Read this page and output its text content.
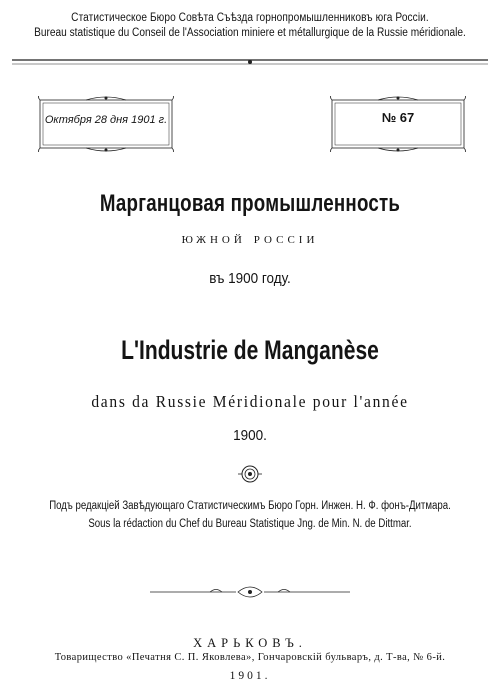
Статистическое Бюро Совѣта Съѣзда горнопромышленниковъ юга Россіи.
Bureau statistique du Conseil de l'Association miniere et métallurgique de la Russie méridionale.
Октября 28 дня 1901 г.	№ 67
Марганцовая промышленность
южной россіи
въ 1900 году.
L'Industrie de Manganèse
dans da Russie Méridionale pour l'année
1900.
Подъ редакціей Завѣдующаго Статистическимъ Бюро Горн. Инжен. Н. Ф. фонъ-Дитмара.
Sous la rédaction du Chef du Bureau Statistique Jng. de Min. N. de Dittmar.
ХАРЬКОВЪ.
Товарищество «Печатня С. П. Яковлева», Гончаровскій бульваръ, д. Т-ва, № 6-й.
1901.
